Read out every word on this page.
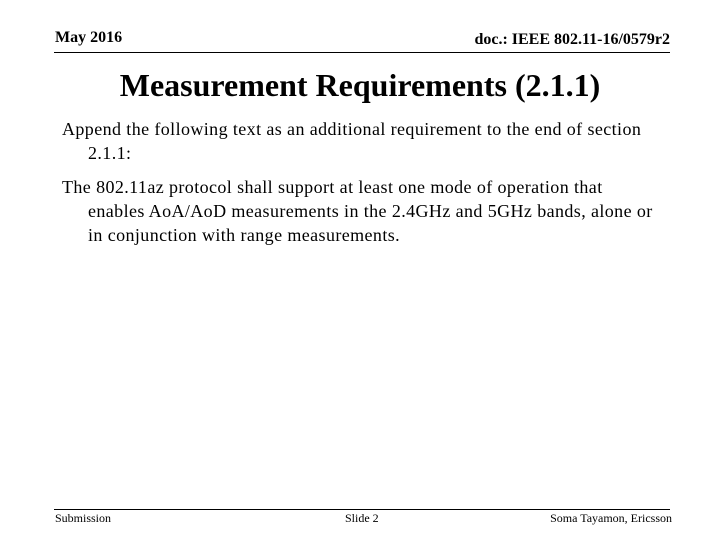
May 2016	doc.: IEEE 802.11-16/0579r2
Measurement Requirements (2.1.1)

Append the following text as an additional requirement to the end of section 2.1.1:

The 802.11az protocol shall support at least one mode of operation that enables AoA/AoD measurements in the 2.4GHz and 5GHz bands, alone or in conjunction with range measurements.

Submission	Slide 2	Soma Tayamon, Ericsson
